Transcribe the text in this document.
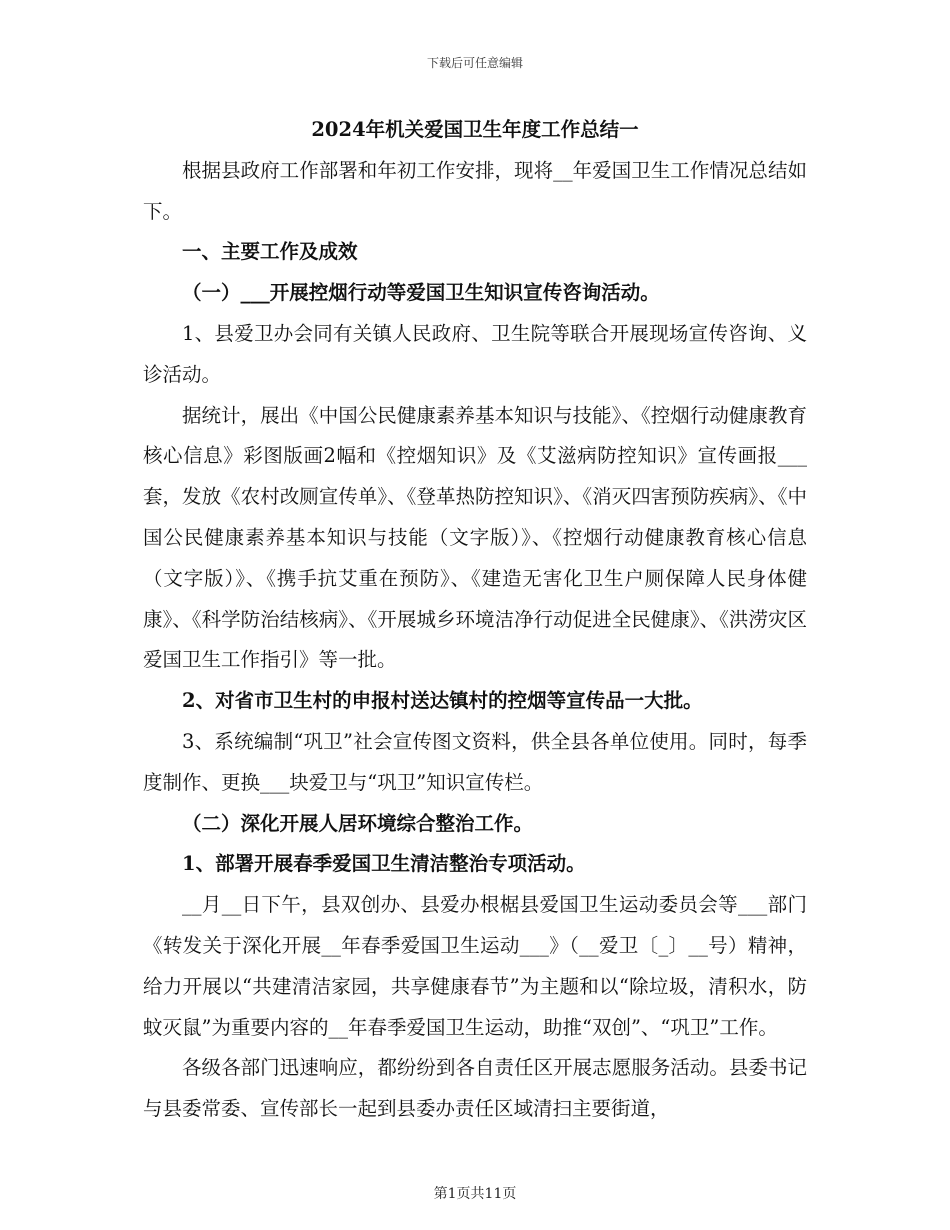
下载后可任意编辑
2024年机关爱国卫生年度工作总结一

根据县政府工作部署和年初工作安排，现将__年爱国卫生工作情况总结如下。

一、主要工作及成效

（一）___开展控烟行动等爱国卫生知识宣传咨询活动。

1、县爱卫办会同有关镇人民政府、卫生院等联合开展现场宣传咨询、义诊活动。

据统计，展出《中国公民健康素养基本知识与技能》、《控烟行动健康教育核心信息》彩图版画2幅和《控烟知识》及《艾滋病防控知识》宣传画报___套，发放《农村改厕宣传单》、《登革热防控知识》、《消灭四害预防疾病》、《中国公民健康素养基本知识与技能（文字版）》、《控烟行动健康教育核心信息（文字版）》、《携手抗艾重在预防》、《建造无害化卫生户厕保障人民身体健康》、《科学防治结核病》、《开展城乡环境洁净行动促进全民健康》、《洪涝灾区爱国卫生工作指引》等一批。

2、对省市卫生村的申报村送达镇村的控烟等宣传品一大批。

3、系统编制“巩卫”社会宣传图文资料，供全县各单位使用。同时，每季度制作、更换___块爱卫与“巩卫”知识宣传栏。

（二）深化开展人居环境综合整治工作。

1、部署开展春季爱国卫生清洁整治专项活动。

__月__日下午，县双创办、县爱办根椐县爱国卫生运动委员会等___部门《转发关于深化开展__年春季爱国卫生运动___》（__爱卫〔_〕__号）精神，给力开展以“共建清洁家园，共享健康春节”为主题和以“除垃圾，清积水，防蚊灭鼠”为重要内容的__年春季爱国卫生运动，助推“双创”、“巩卫”工作。

各级各部门迅速响应，都纷纷到各自责任区开展志愿服务活动。县委书记与县委常委、宣传部长一起到县委办责任区域清扫主要街道，

第1页共11页
